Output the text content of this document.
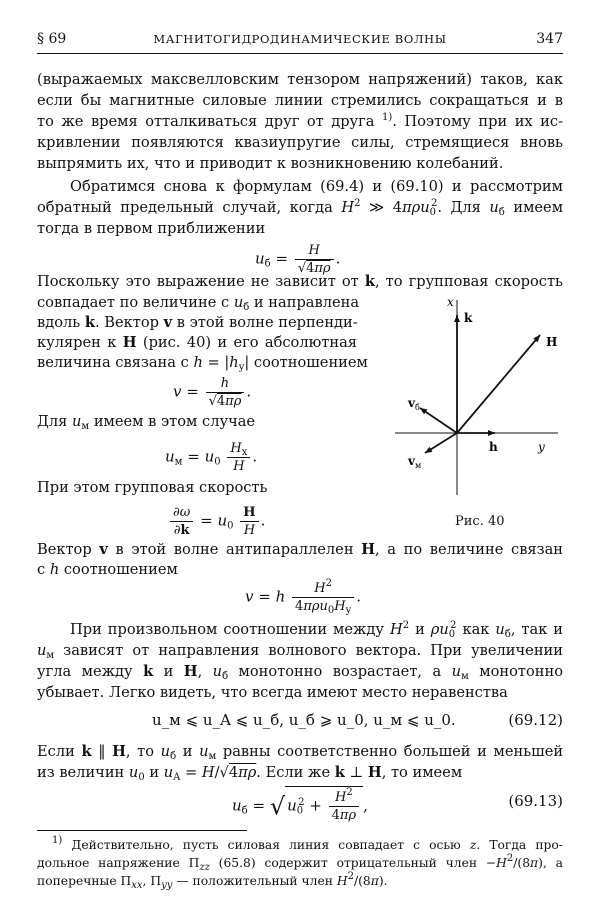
§ 69	МАГНИТОГИДРОДИНАМИЧЕСКИЕ ВОЛНЫ	347
(выражаемых максвелловским тензором напряжений) таков, как
если бы магнитные силовые линии стремились сокращаться и в
то же время отталкиваться друг от друга $^{1)}$. Поэтому при их ис-
кривлении появляются квазиупругие силы, стремящиеся вновь
выпрямить их, что и приводит к возникновению колебаний.
Обратимся снова к формулам (69.4) и (69.10) и рассмотрим
обратный предельный случай, когда $H^2$ ≫ 4πρu$_0^2$. Для $u_б$ имеем
тогда в первом приближении
$u_б = \frac{H}{√4\pi\rho}$ .
Поскольку это выражение не зависит от k, то групповая скорость
совпадает по величине с $u_б$ и направлена
вдоль k. Вектор v в этой волне перпенди-
кулярен к H (рис. 40) и его абсолютная
величина связана с $h = |h_y|$ соотношением
$v = \frac{h}{√4\pi\rho}$ .
Для $u_м$ имеем в этом случае
$u_м = u_0 \frac{H_x}{H}$ .
При этом групповая скорость
$\frac{\partial\omega}{\partial k} = u_0 \frac{H}{H}$ .
x
k
H
h	y
$v_б$
$v_м$
Рис. 40
Вектор v в этой волне антипараллелен H, а по величине связан
с h соотношением
v = h $\frac{H^2}{4\pi\rho u_0H_y}$ .
При произвольном соотношении между $H^2$ и $\rho u_0^2$ как $u_б$, так и
$u_м$ зависят от направления волнового вектора. При увеличении
угла между k и H, $u_б$ монотонно возрастает, а $u_м$ монотонно
убывает. Легко видеть, что всегда имеют место неравенства
u_м ⩽ u_A ⩽ u_б, u_б ⩾ u_0, u_м ⩽ u_0.	(69.12)
Если k ‖ H, то $u_б$ и $u_м$ равны соответственно большей и меньшей
из величин $u_0$ и $u_A = H/√4\pi\rho$. Если же k ⊥ H, то имеем
$u_б$ = √ $u_0^2 + \frac{H^2}{4\pi\rho}$ ,	(69.13)
$^{1)}$ Действительно, пусть силовая линия совпадает с осью z. Тогда про-
дольное напряжение $\Pi_{zz}$ (65.8) содержит отрицательный член $-H^2/(8\pi)$, а
поперечные $\Pi_{xx}$, $\Pi_{yy}$ — положительный член $H^2/(8\pi)$.
